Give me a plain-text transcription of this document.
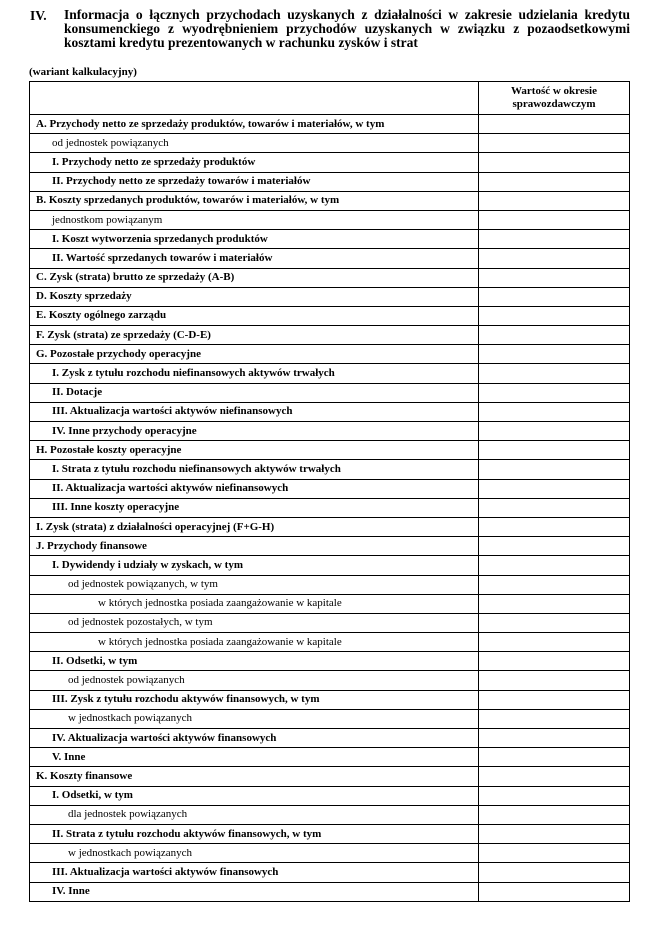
IV. Informacja o łącznych przychodach uzyskanych z działalności w zakresie udzielania kredytu konsumenckiego z wyodrębnieniem przychodów uzyskanych w związku z pozaodsetkowymi kosztami kredytu prezentowanych w rachunku zysków i strat
(wariant kalkulacyjny)
	Wartość w okresie sprawozdawczym
A. Przychody netto ze sprzedaży produktów, towarów i materiałów, w tym	
od jednostek powiązanych	
I. Przychody netto ze sprzedaży produktów	
II. Przychody netto ze sprzedaży towarów i materiałów	
B. Koszty sprzedanych produktów, towarów i materiałów, w tym	
jednostkom powiązanym	
I. Koszt wytworzenia sprzedanych produktów	
II. Wartość sprzedanych towarów i materiałów	
C. Zysk (strata) brutto ze sprzedaży (A-B)	
D. Koszty sprzedaży	
E. Koszty ogólnego zarządu	
F. Zysk (strata) ze sprzedaży (C-D-E)	
G. Pozostałe przychody operacyjne	
I. Zysk z tytułu rozchodu niefinansowych aktywów trwałych	
II. Dotacje	
III. Aktualizacja wartości aktywów niefinansowych	
IV. Inne przychody operacyjne	
H. Pozostałe koszty operacyjne	
I. Strata z tytułu rozchodu niefinansowych aktywów trwałych	
II. Aktualizacja wartości aktywów niefinansowych	
III. Inne koszty operacyjne	
I. Zysk (strata) z działalności operacyjnej (F+G-H)	
J. Przychody finansowe	
I. Dywidendy i udziały w zyskach, w tym	
od jednostek powiązanych, w tym	
w których jednostka posiada zaangażowanie w kapitale	
od jednostek pozostałych, w tym	
w których jednostka posiada zaangażowanie w kapitale	
II. Odsetki, w tym	
od jednostek powiązanych	
III. Zysk z tytułu rozchodu aktywów finansowych, w tym	
w jednostkach powiązanych	
IV. Aktualizacja wartości aktywów finansowych	
V. Inne	
K. Koszty finansowe	
I. Odsetki, w tym	
dla jednostek powiązanych	
II. Strata z tytułu rozchodu aktywów finansowych, w tym	
w jednostkach powiązanych	
III. Aktualizacja wartości aktywów finansowych	
IV. Inne	
